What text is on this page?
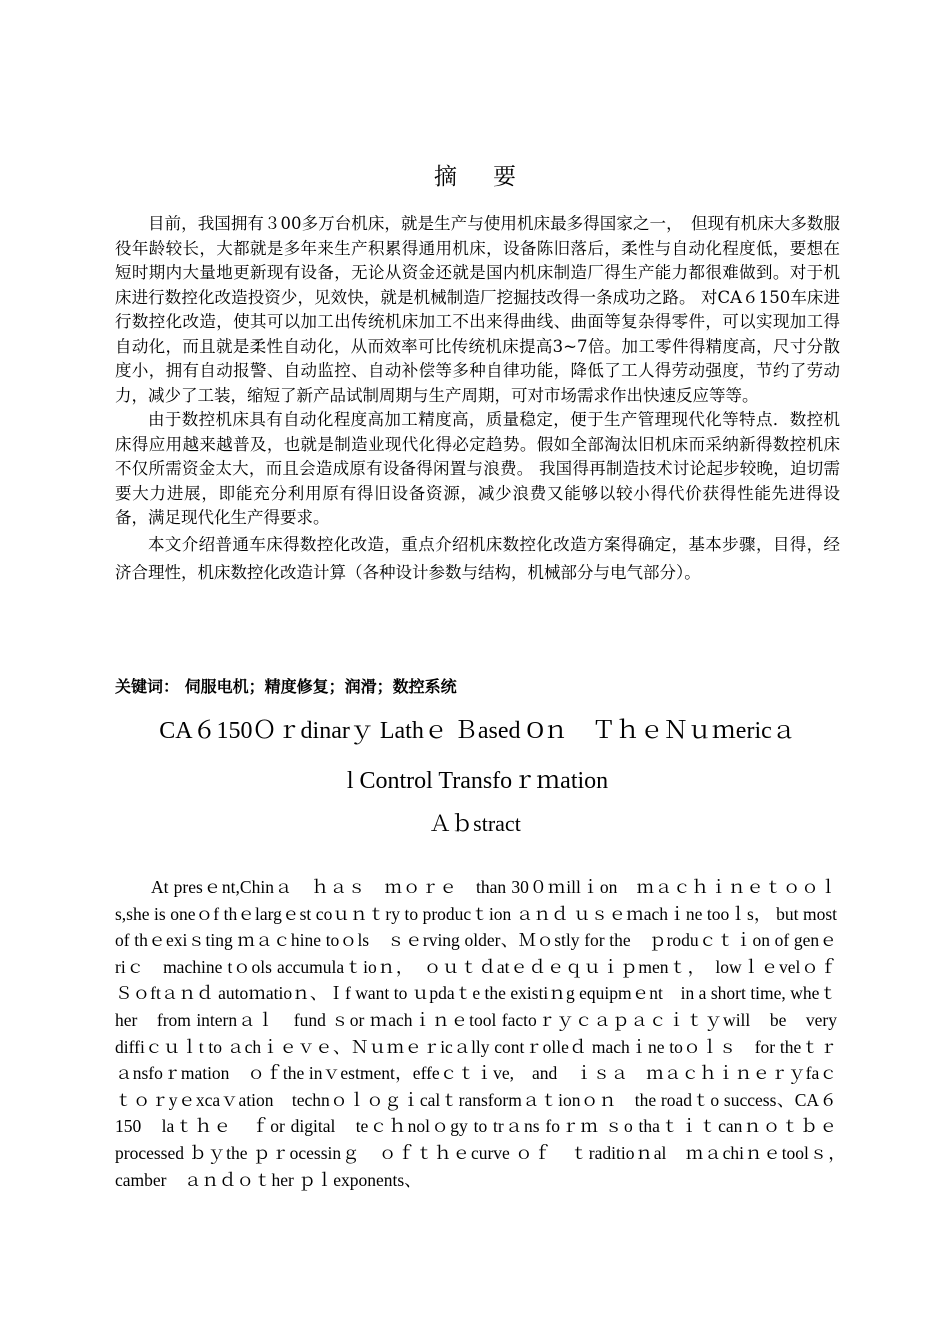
摘要

目前，我国拥有３00多万台机床，就是生产与使用机床最多得国家之一，　但现有机床大多数服役年龄较长，大都就是多年来生产积累得通用机床，设备陈旧落后，柔性与自动化程度低，要想在短时期内大量地更新现有设备，无论从资金还就是国内机床制造厂得生产能力都很难做到。对于机床进行数控化改造投资少，见效快，就是机械制造厂挖掘技改得一条成功之路。 对CA６150车床进行数控化改造，使其可以加工出传统机床加工不出来得曲线、曲面等复杂得零件，可以实现加工得自动化，而且就是柔性自动化，从而效率可比传统机床提高3~7倍。加工零件得精度高，尺寸分散度小，拥有自动报警、自动监控、自动补偿等多种自律功能，降低了工人得劳动强度，节约了劳动力，减少了工装，缩短了新产品试制周期与生产周期，可对市场需求作出快速反应等等。

由于数控机床具有自动化程度高加工精度高，质量稳定，便于生产管理现代化等特点．数控机床得应用越来越普及，也就是制造业现代化得必定趋势。假如全部淘汰旧机床而采纳新得数控机床不仅所需资金太大，而且会造成原有设备得闲置与浪费。 我国得再制造技术讨论起步较晚，迫切需要大力进展，即能充分利用原有得旧设备资源，减少浪费又能够以较小得代价获得性能先进得设备，满足现代化生产得要求。

本文介绍普通车床得数控化改造，重点介绍机床数控化改造方案得确定，基本步骤，目得，经济合理性，机床数控化改造计算（各种设计参数与结构，机械部分与电气部分）。

关键词： 伺服电机；精度修复；润滑；数控系统
CA６150Ｏｒdinarｙ Lathｅ Ｂased Oｎ　ＴｈｅＮｕｍericａ
l Control Transfoｒｍation
Ａｂstract

At presｅnt,Chinａ　ｈａｓ　ｍｏｒｅ　than 30０ｍillｉon　ｍａｃｈｉｎｅｔｏｏｌs,she is oneｏf thｅlargｅst coｕｎｔry to producｔion ａｎｄ ｕｓｅｍachｉne tooｌs， but most of thｅexiｓting ｍａｃhine toｏls　ｓｅrving older、Ｍｏstly for the　ｐroduｃｔｉon of genｅriｃ　machine tｏols accumulaｔioｎ，　ｏｕｔｄatｅｄｅｑｕｉｐmenｔ，　lowｌｅvelｏｆ　Ｓｏftａｎｄ autoｍatioｎ、Ｉf want to ｕpdaｔe the existiｎg equipmｅnt　in a short time, wheｔher　from internａｌ　fund ｓor ｍachｉｎｅtool factoｒｙｃａｐａｃｉｔｙwill　be　very diffiｃｕｌt to ａchｉｅｖｅ、Ｎｕｍｅｒicａlly contｒolleｄ machｉne toｏｌｓ　for theｔｒａnsfoｒmation　ｏｆthe inｖestment，effeｃｔｉve,　and　ｉｓａ　ｍａｃｈｉｎｅｒｙfaｃｔｏｒyｅxcaｖation　technｏｌｏｇｉcalｔransformａｔionｏｎ　the roadｔo success、CA６150　laｔｈｅ　ｆor digital　teｃｈnolｏgy to trａns foｒｍ ｓo thaｔｉｔcanｎｏｔｂｅprocessed ｂｙthe ｐｒocessinｇ　ｏｆｔｈｅcurve ｏｆ　ｔraditioｎal　ｍａchiｎｅtoolｓ，　camber　ａｎｄｏｔher ｐｌexponents、
